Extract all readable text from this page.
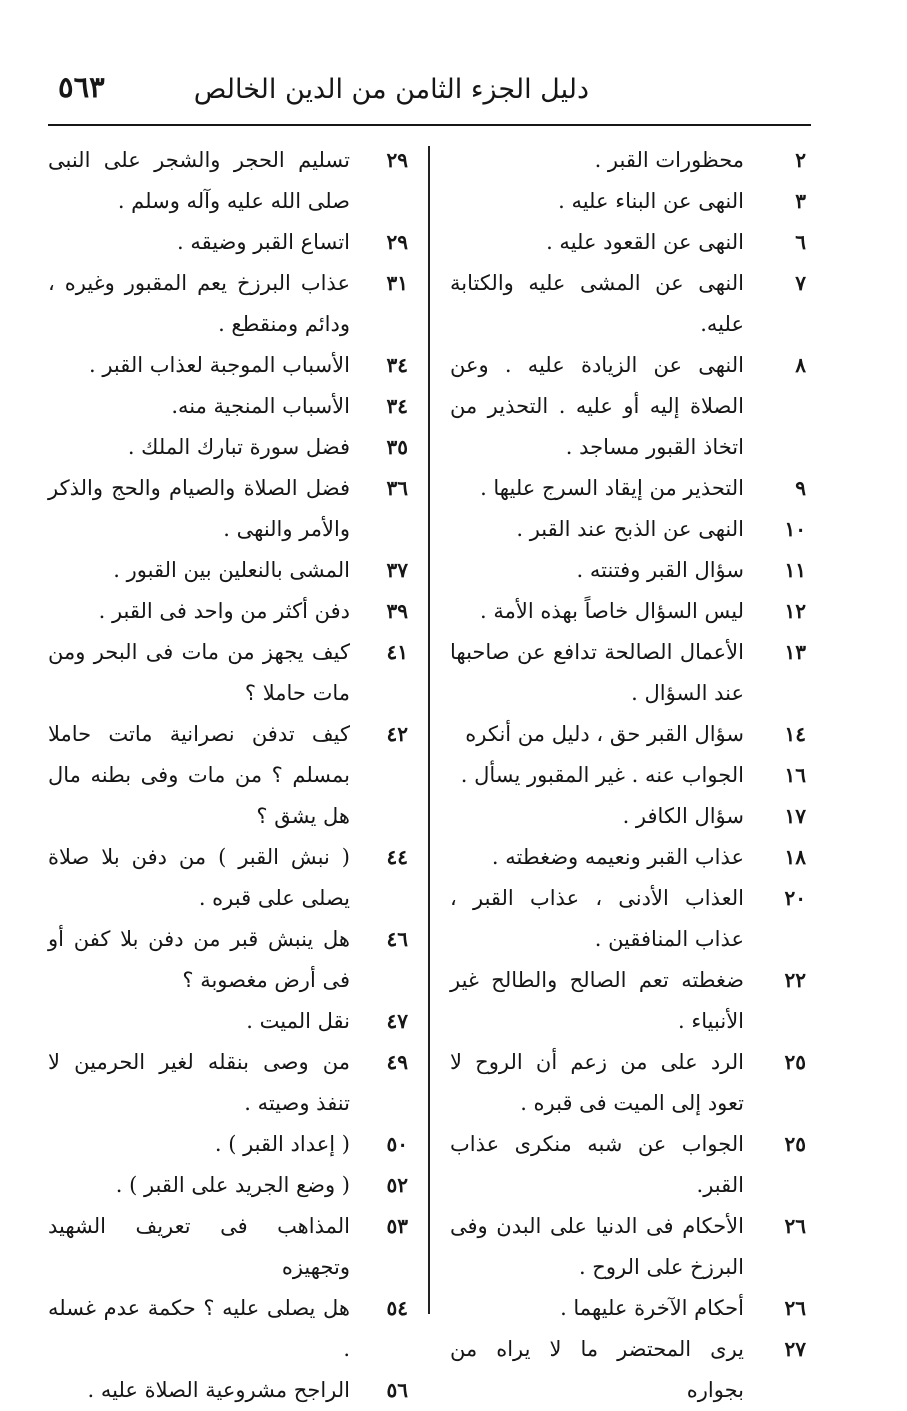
دليل الجزء الثامن من الدين الخالص
٥٦٣
٢
محظورات القبر .
٣
النهى عن البناء عليه .
٦
النهى عن القعود عليه .
٧
النهى عن المشى عليه والكتابة عليه.
٨
النهى عن الزيادة عليه . وعن الصلاة إليه أو عليه . التحذير من اتخاذ القبور مساجد .
٩
التحذير من إيقاد السرج عليها .
١٠
النهى عن الذبح عند القبر .
١١
سؤال القبر وفتنته .
١٢
ليس السؤال خاصاً بهذه الأمة .
١٣
الأعمال الصالحة تدافع عن صاحبها عند السؤال .
١٤
سؤال القبر حق ، دليل من أنكره
١٦
الجواب عنه . غير المقبور يسأل .
١٧
سؤال الكافر .
١٨
عذاب القبر ونعيمه وضغطته .
٢٠
العذاب الأدنى ، عذاب القبر ، عذاب المنافقين .
٢٢
ضغطته تعم الصالح والطالح غير الأنبياء .
٢٥
الرد على من زعم أن الروح لا تعود إلى الميت فى قبره .
٢٥
الجواب عن شبه منكرى عذاب القبر.
٢٦
الأحكام فى الدنيا على البدن وفى البرزخ على الروح .
٢٦
أحكام الآخرة عليهما .
٢٧
يرى المحتضر ما لا يراه من بجواره
٢٩
تسليم الحجر والشجر على النبى صلى الله عليه وآله وسلم .
٢٩
اتساع القبر وضيقه .
٣١
عذاب البرزخ يعم المقبور وغيره ، ودائم ومنقطع .
٣٤
الأسباب الموجبة لعذاب القبر .
٣٤
الأسباب المنجية منه.
٣٥
فضل سورة تبارك الملك .
٣٦
فضل الصلاة والصيام والحج والذكر والأمر والنهى .
٣٧
المشى بالنعلين بين القبور .
٣٩
دفن أكثر من واحد فى القبر .
٤١
كيف يجهز من مات فى البحر ومن مات حاملا ؟
٤٢
كيف تدفن نصرانية ماتت حاملا بمسلم ؟ من مات وفى بطنه مال هل يشق ؟
٤٤
( نبش القبر ) من دفن بلا صلاة يصلى على قبره .
٤٦
هل ينبش قبر من دفن بلا كفن أو فى أرض مغصوبة ؟
٤٧
نقل الميت .
٤٩
من وصى بنقله لغير الحرمين لا تنفذ وصيته .
٥٠
( إعداد القبر ) .
٥٢
( وضع الجريد على القبر ) .
٥٣
المذاهب فى تعريف الشهيد وتجهيزه
٥٤
هل يصلى عليه ؟ حكمة عدم غسله .
٥٦
الراجح مشروعية الصلاة عليه .
